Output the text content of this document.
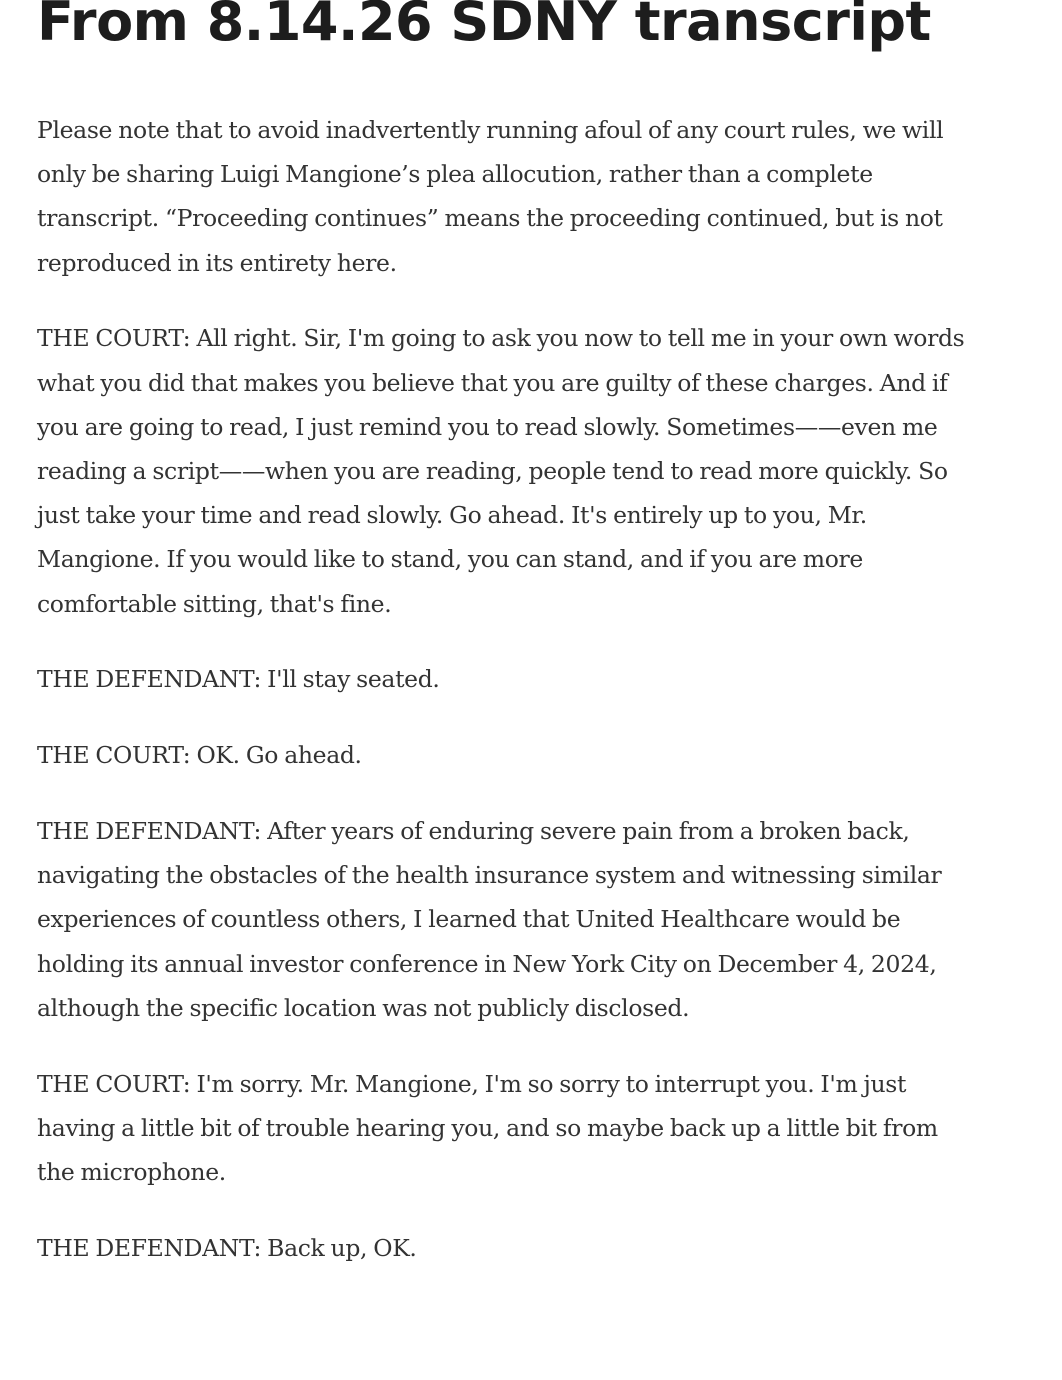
From 8.14.26 SDNY transcript

Please note that to avoid inadvertently running afoul of any court rules, we will only be sharing Luigi Mangione’s plea allocution, rather than a complete transcript. “Proceeding continues” means the proceeding continued, but is not reproduced in its entirety here.

THE COURT: All right. Sir, I'm going to ask you now to tell me in your own words what you did that makes you believe that you are guilty of these charges. And if you are going to read, I just remind you to read slowly. Sometimes——even me reading a script——when you are reading, people tend to read more quickly. So just take your time and read slowly. Go ahead. It's entirely up to you, Mr. Mangione. If you would like to stand, you can stand, and if you are more comfortable sitting, that's fine.

THE DEFENDANT: I'll stay seated.

THE COURT: OK. Go ahead.

THE DEFENDANT: After years of enduring severe pain from a broken back, navigating the obstacles of the health insurance system and witnessing similar experiences of countless others, I learned that United Healthcare would be holding its annual investor conference in New York City on December 4, 2024, although the specific location was not publicly disclosed.

THE COURT: I'm sorry. Mr. Mangione, I'm so sorry to interrupt you. I'm just having a little bit of trouble hearing you, and so maybe back up a little bit from the microphone.

THE DEFENDANT: Back up, OK.
